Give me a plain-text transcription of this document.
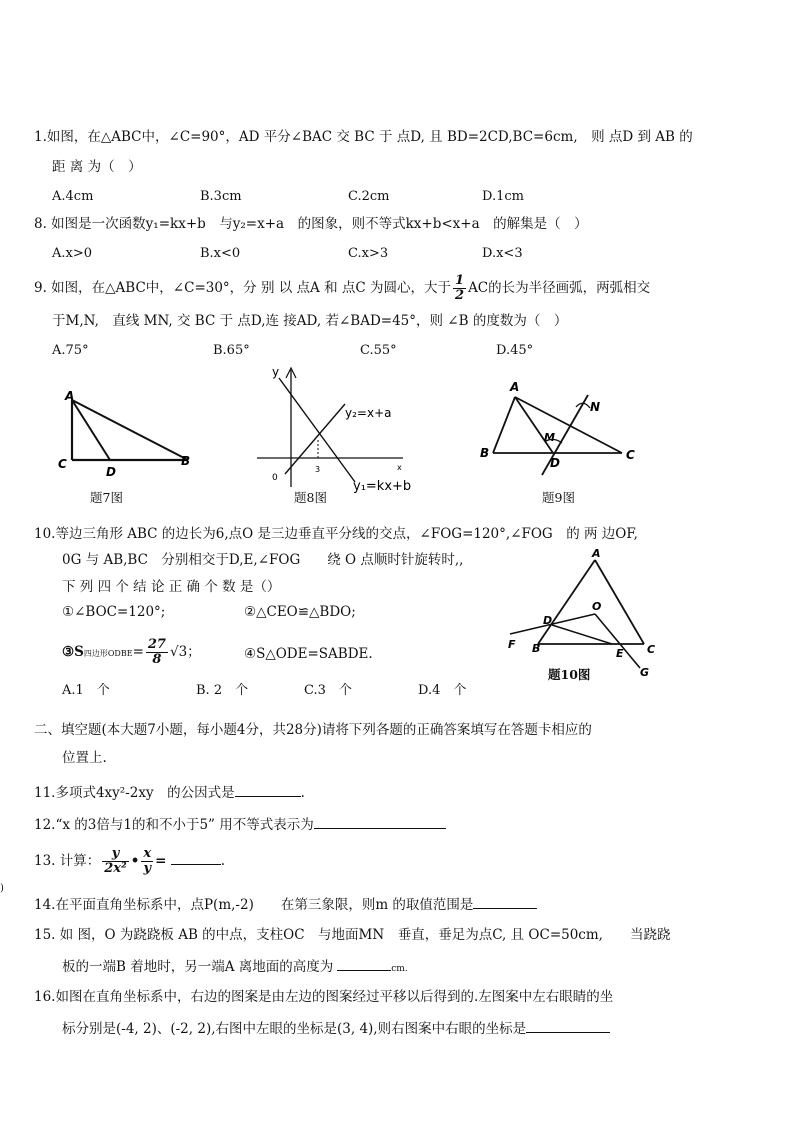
1.如图，在△ABC中，∠C=90°，AD 平分∠BAC 交 BC 于 点D, 且 BD=2CD,BC=6cm,　则 点D 到 AB 的
距 离 为（　）
A.4cm	B.3cm	C.2cm	D.1cm
8. 如图是一次函数y₁=kx+b　与y₂=x+a　的图象，则不等式kx+b<x+a　的解集是（　）
A.x>0	B.x<0	C.x>3	D.x<3
9. 如图，在△ABC中，∠C=30°，分 别 以 点A 和 点C 为圆心，大于 $\frac{1}{2}$ AC的长为半径画弧，两弧相交
于M,N,　直线 MN, 交 BC 于 点D,连 接AD, 若∠BAD=45°，则 ∠B 的度数为（　）
A.75°	B.65°	C.55°	D.45°
A
C
D
B
题7图
y
y₂=x+a
0
3	x
y₁=kx+b
题8图
A
N
M
B
D
C
题9图
10.等边三角形 ABC 的边长为6,点O 是三边垂直平分线的交点，∠FOG=120°,∠FOG　的 两 边OF,
0G 与 AB,BC　分别相交于D,E,∠FOG　　绕 O 点顺时针旋转时,,
下 列 四 个 结 论 正 确 个 数 是（）
①∠BOC=120°;	②△CEO≌△BDO;
③S四边形ODBE= $\frac{27}{8} √3$；	④S△ODE=SABDE.
A.1　个	B. 2　个	C.3　个	D.4　个
A
O
D
F B	E C
G
题10图
二、填空题(本大题7小题，每小题4分，共28分)请将下列各题的正确答案填写在答题卡相应的
位置上.
11.多项式4xy²-2xy　的公因式是	.
12.“x 的3倍与1的和不小于5” 用不等式表示为
13. 计算： $\frac{y}{\text{2x²}}$ • $\frac{x}{y}$ =	.
)
14.在平面直角坐标系中，点P(m,-2)　　在第三象限，则m 的取值范围是
15. 如 图，O 为跷跷板 AB 的中点，支柱OC　与地面MN　垂直，垂足为点C, 且 OC=50cm,　　当跷跷
板的一端B 着地时，另一端A 离地面的高度为	cm.
16.如图在直角坐标系中，右边的图案是由左边的图案经过平移以后得到的.左图案中左右眼睛的坐
标分别是(-4, 2)、(-2, 2),右图中左眼的坐标是(3, 4),则右图案中右眼的坐标是
